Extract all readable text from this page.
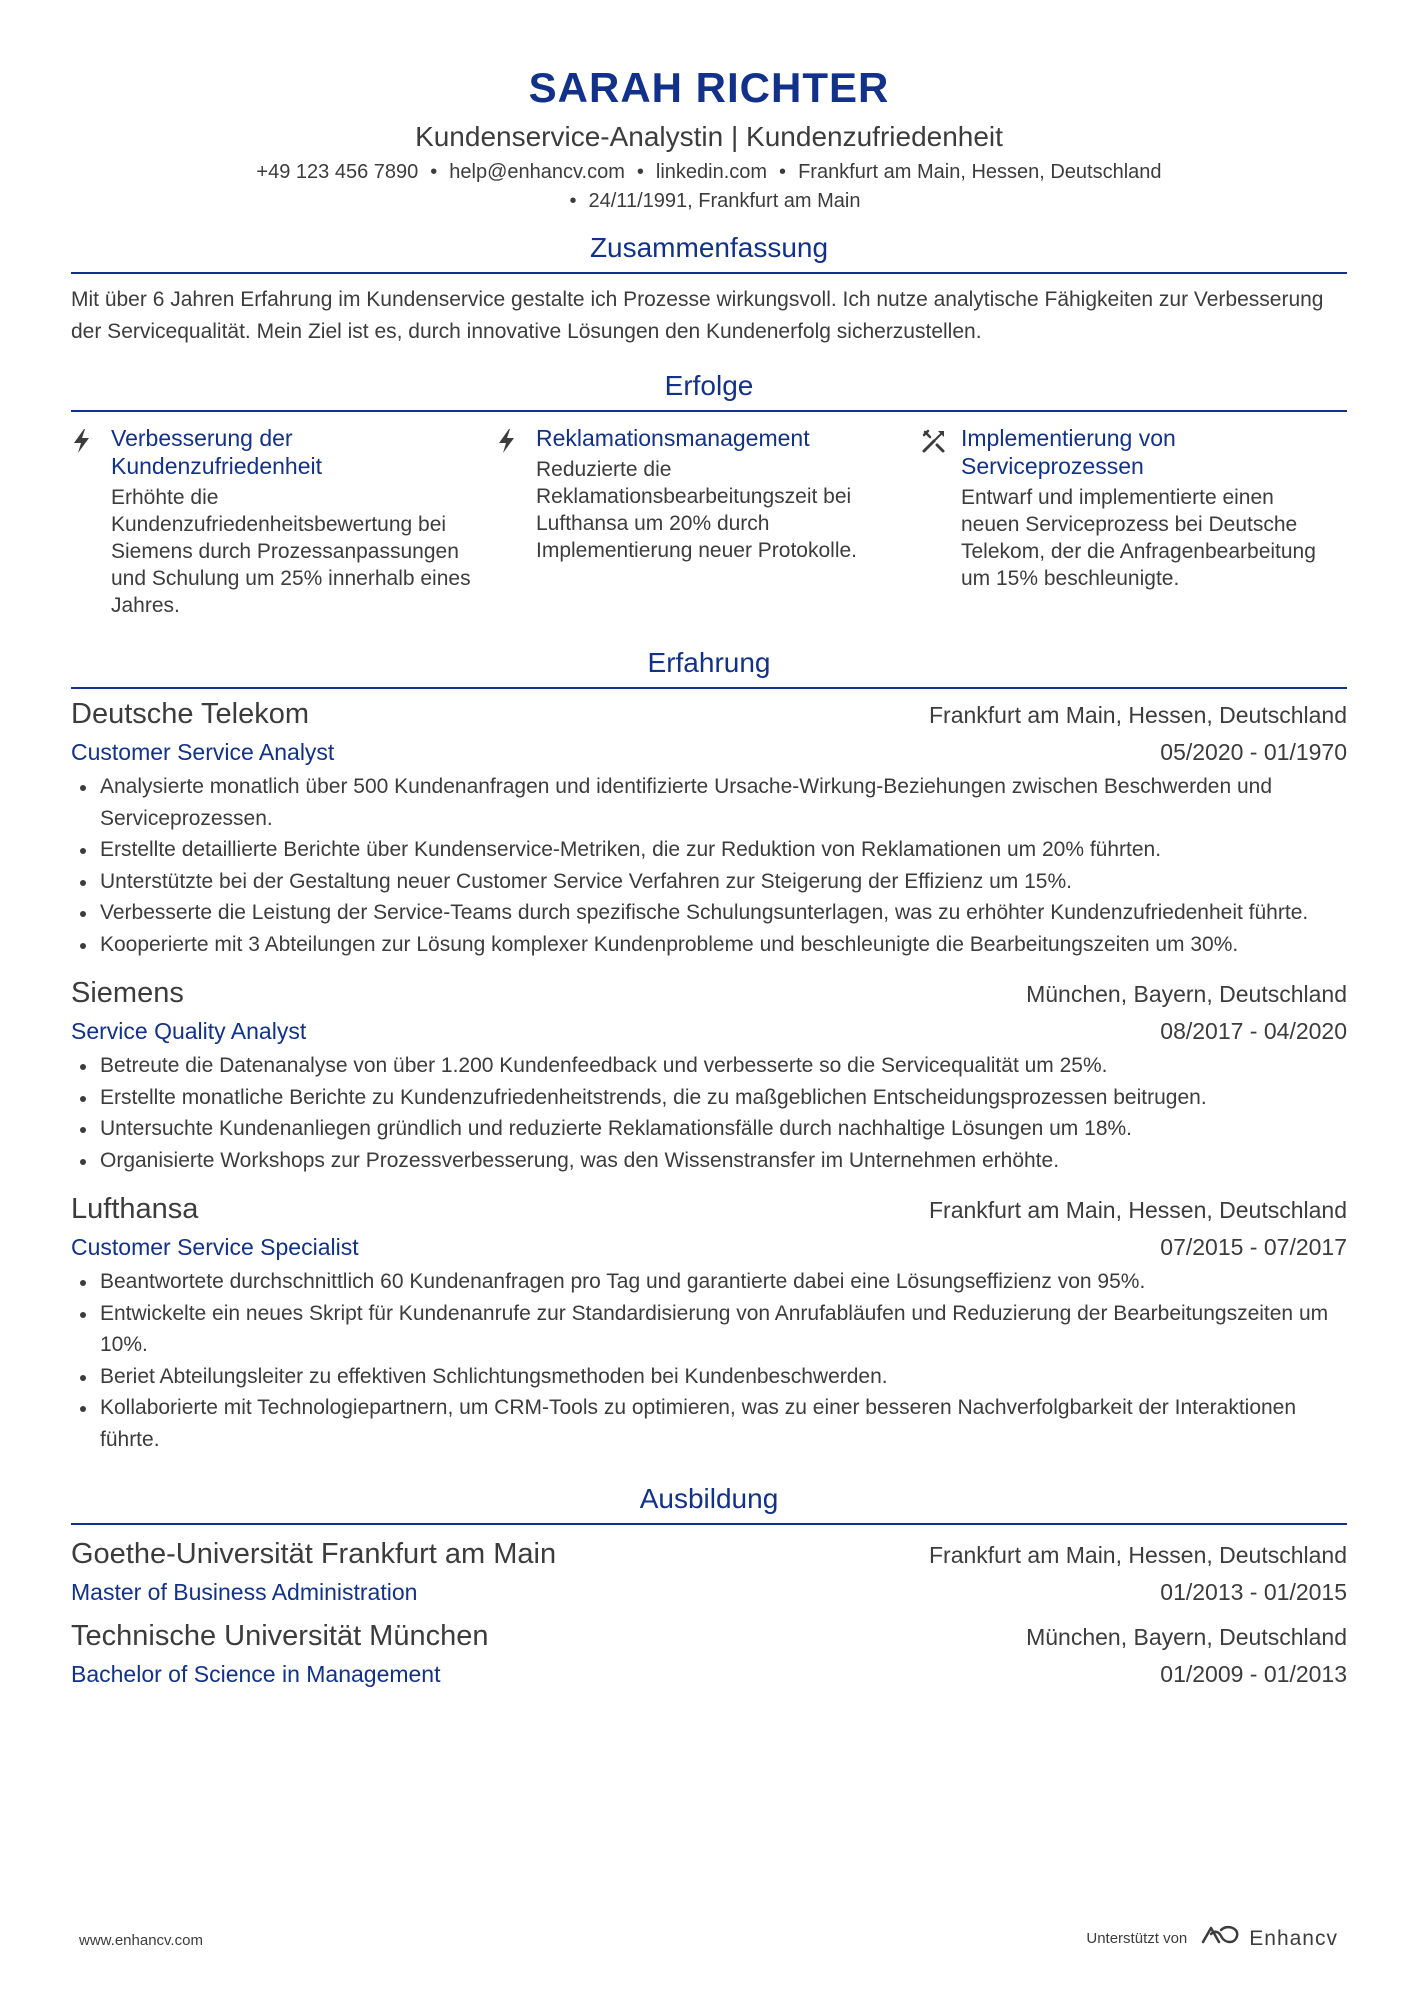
SARAH RICHTER
Kundenservice-Analystin | Kundenzufriedenheit
+49 123 456 7890 • help@enhancv.com • linkedin.com • Frankfurt am Main, Hessen, Deutschland
• 24/11/1991, Frankfurt am Main
Zusammenfassung
Mit über 6 Jahren Erfahrung im Kundenservice gestalte ich Prozesse wirkungsvoll. Ich nutze analytische Fähigkeiten zur Verbesserung der Servicequalität. Mein Ziel ist es, durch innovative Lösungen den Kundenerfolg sicherzustellen.
Erfolge
Verbesserung der Kundenzufriedenheit
Erhöhte die Kundenzufriedenheitsbewertung bei Siemens durch Prozessanpassungen und Schulung um 25% innerhalb eines Jahres.
Reklamationsmanagement
Reduzierte die Reklamationsbearbeitungszeit bei Lufthansa um 20% durch Implementierung neuer Protokolle.
Implementierung von Serviceprozessen
Entwarf und implementierte einen neuen Serviceprozess bei Deutsche Telekom, der die Anfragenbearbeitung um 15% beschleunigte.
Erfahrung
Deutsche Telekom	Frankfurt am Main, Hessen, Deutschland
Customer Service Analyst	05/2020 - 01/1970
Analysierte monatlich über 500 Kundenanfragen und identifizierte Ursache-Wirkung-Beziehungen zwischen Beschwerden und Serviceprozessen.
Erstellte detaillierte Berichte über Kundenservice-Metriken, die zur Reduktion von Reklamationen um 20% führten.
Unterstützte bei der Gestaltung neuer Customer Service Verfahren zur Steigerung der Effizienz um 15%.
Verbesserte die Leistung der Service-Teams durch spezifische Schulungsunterlagen, was zu erhöhter Kundenzufriedenheit führte.
Kooperierte mit 3 Abteilungen zur Lösung komplexer Kundenprobleme und beschleunigte die Bearbeitungszeiten um 30%.
Siemens	München, Bayern, Deutschland
Service Quality Analyst	08/2017 - 04/2020
Betreute die Datenanalyse von über 1.200 Kundenfeedback und verbesserte so die Servicequalität um 25%.
Erstellte monatliche Berichte zu Kundenzufriedenheitstrends, die zu maßgeblichen Entscheidungsprozessen beitrugen.
Untersuchte Kundenanliegen gründlich und reduzierte Reklamationsfälle durch nachhaltige Lösungen um 18%.
Organisierte Workshops zur Prozessverbesserung, was den Wissenstransfer im Unternehmen erhöhte.
Lufthansa	Frankfurt am Main, Hessen, Deutschland
Customer Service Specialist	07/2015 - 07/2017
Beantwortete durchschnittlich 60 Kundenanfragen pro Tag und garantierte dabei eine Lösungseffizienz von 95%.
Entwickelte ein neues Skript für Kundenanrufe zur Standardisierung von Anrufabläufen und Reduzierung der Bearbeitungszeiten um 10%.
Beriet Abteilungsleiter zu effektiven Schlichtungsmethoden bei Kundenbeschwerden.
Kollaborierte mit Technologiepartnern, um CRM-Tools zu optimieren, was zu einer besseren Nachverfolgbarkeit der Interaktionen führte.
Ausbildung
Goethe-Universität Frankfurt am Main	Frankfurt am Main, Hessen, Deutschland
Master of Business Administration	01/2013 - 01/2015
Technische Universität München	München, Bayern, Deutschland
Bachelor of Science in Management	01/2009 - 01/2013
www.enhancv.com	Unterstützt von	Enhancv
